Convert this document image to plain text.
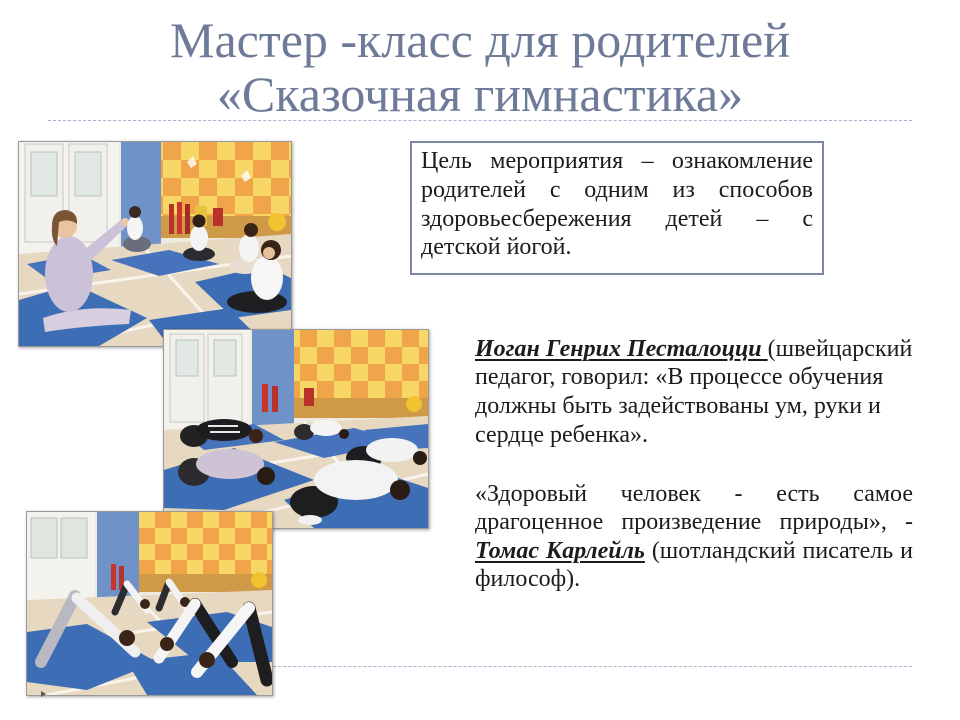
Мастер -класс для родителей
«Сказочная гимнастика»
Цель мероприятия – ознакомление
родителей с одним из способов
здоровьесбережения детей – с
детской йогой.
Иоган Генрих Песталоцци (швейцарский
педагог, говорил: «В процессе обучения
должны быть задействованы ум, руки и
сердце ребенка».
«Здоровый человек - есть самое
драгоценное произведение природы», -
Томас Карлейль (шотландский писатель и
философ).
